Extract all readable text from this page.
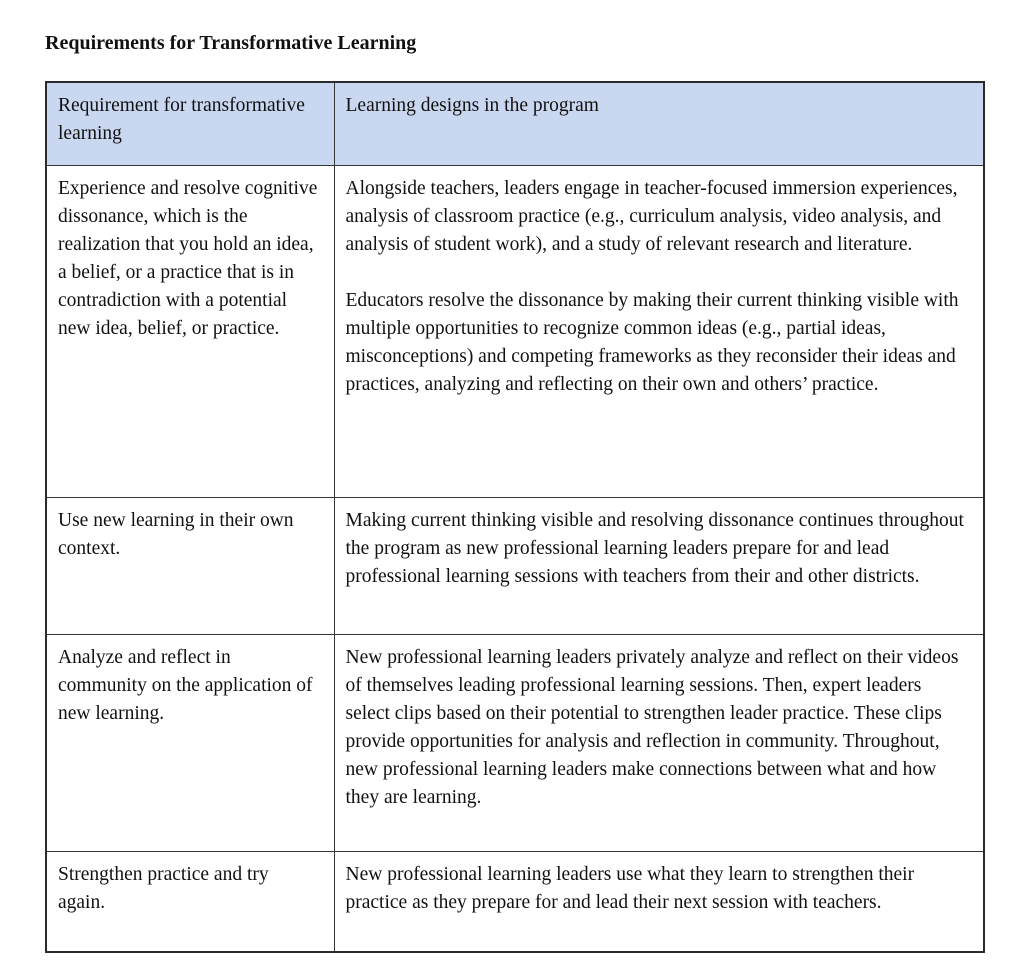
Requirements for Transformative Learning
Requirement for transformative learning	Learning designs in the program

Experience and resolve cognitive dissonance, which is the realization that you hold an idea, a belief, or a practice that is in contradiction with a potential new idea, belief, or practice.	Alongside teachers, leaders engage in teacher-focused immersion experiences, analysis of classroom practice (e.g., curriculum analysis, video analysis, and analysis of student work), and a study of relevant research and literature.

Educators resolve the dissonance by making their current thinking visible with multiple opportunities to recognize common ideas (e.g., partial ideas, misconceptions) and competing frameworks as they reconsider their ideas and practices, analyzing and reflecting on their own and others’ practice.

Use new learning in their own context.	Making current thinking visible and resolving dissonance continues throughout the program as new professional learning leaders prepare for and lead professional learning sessions with teachers from their and other districts.

Analyze and reflect in community on the application of new learning.	New professional learning leaders privately analyze and reflect on their videos of themselves leading professional learning sessions. Then, expert leaders select clips based on their potential to strengthen leader practice. These clips provide opportunities for analysis and reflection in community. Throughout, new professional learning leaders make connections between what and how they are learning.

Strengthen practice and try again.	New professional learning leaders use what they learn to strengthen their practice as they prepare for and lead their next session with teachers.
